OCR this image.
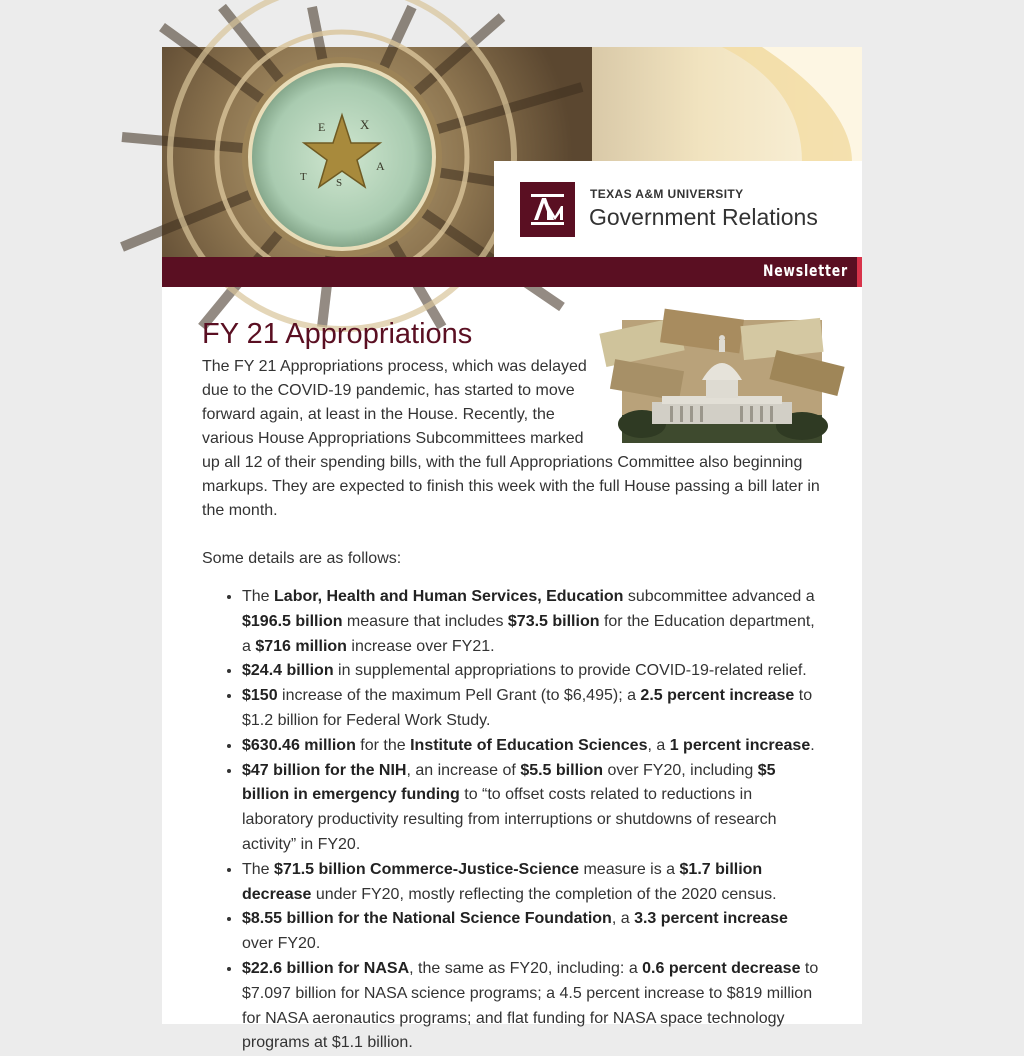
T
E	X
A
S
TEXAS A&M UNIVERSITY
Government Relations
Newsletter
FY 21 Appropriations

The FY 21 Appropriations process, which was delayed due to the COVID-19 pandemic, has started to move forward again, at least in the House. Recently, the various House Appropriations Subcommittees marked up all 12 of their spending bills, with the full Appropriations Committee also beginning markups. They are expected to finish this week with the full House passing a bill later in the month.

Some details are as follows:

• The Labor, Health and Human Services, Education subcommittee advanced a $196.5 billion measure that includes $73.5 billion for the Education department, a $716 million increase over FY21.
• $24.4 billion in supplemental appropriations to provide COVID-19-related relief.
• $150 increase of the maximum Pell Grant (to $6,495); a 2.5 percent increase to $1.2 billion for Federal Work Study.
• $630.46 million for the Institute of Education Sciences, a 1 percent increase.
• $47 billion for the NIH, an increase of $5.5 billion over FY20, including $5 billion in emergency funding to “to offset costs related to reductions in laboratory productivity resulting from interruptions or shutdowns of research activity” in FY20.
• The $71.5 billion Commerce-Justice-Science measure is a $1.7 billion decrease under FY20, mostly reflecting the completion of the 2020 census.
• $8.55 billion for the National Science Foundation, a 3.3 percent increase over FY20.
• $22.6 billion for NASA, the same as FY20, including: a 0.6 percent decrease to $7.097 billion for NASA science programs; a 4.5 percent increase to $819 million for NASA aeronautics programs; and flat funding for NASA space technology programs at $1.1 billion.
